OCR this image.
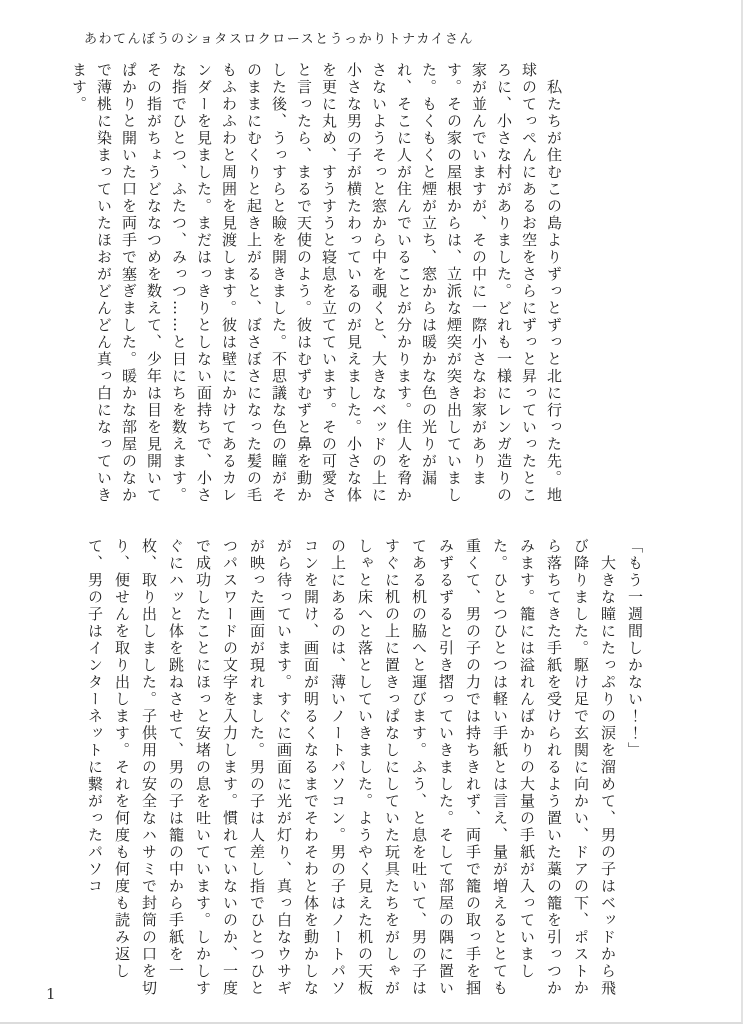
あわてんぼうのショタスロクロースとうっかりトナカイさん

　私たちが住むこの島よりずっとずっと北に行った先。地球のてっぺんにあるお空をさらにずっと昇っていったところに、小さな村がありました。どれも一様にレンガ造りの家が並んでいますが、その中に一際小さなお家があります。その家の屋根からは、立派な煙突が突き出していました。もくもくと煙が立ち、窓からは暖かな色の光りが漏れ、そこに人が住んでいることが分かります。住人を脅かさないようそっと窓から中を覗くと、大きなベッドの上に小さな男の子が横たわっているのが見えました。小さな体を更に丸め、すうすうと寝息を立てています。その可愛さと言ったら、まるで天使のよう。彼はむずむずと鼻を動かした後、うっすらと瞼を開きました。不思議な色の瞳がそのままにむくりと起き上がると、ぼさぼさになった髪の毛もふわふわと周囲を見渡します。彼は壁にかけてあるカレンダーを見ました。まだはっきりとしない面持ちで、小さな指でひとつ、ふたつ、みっつ……と日にちを数えます。その指がちょうどななつめを数えて、少年は目を見開いてぱかりと開いた口を両手で塞ぎました。暖かな部屋のなかで薄桃に染まっていたほおがどんどん真っ白になっていきます。

「もう一週間しかない！！」

　大きな瞳にたっぷりの涙を溜めて、男の子はベッドから飛び降りました。駆け足で玄関に向かい、ドアの下、ポストから落ちてきた手紙を受けられるよう置いた藁の籠を引っつかみます。籠には溢れんばかりの大量の手紙が入っていました。ひとつひとつは軽い手紙とは言え、量が増えるととても重くて、男の子の力では持ちきれず、両手で籠の取っ手を掴みずるずると引き摺っていきました。そして部屋の隅に置いてある机の脇へと運びます。ふう、と息を吐いて、男の子はすぐに机の上に置きっぱなしにしていた玩具たちをがしゃがしゃと床へと落としていきました。ようやく見えた机の天板の上にあるのは、薄いノートパソコン。男の子はノートパソコンを開け、画面が明るくなるまでそわそわと体を動かしながら待っています。すぐに画面に光が灯り、真っ白なウサギが映った画面が現れました。男の子は人差し指でひとつひとつパスワードの文字を入力します。慣れていないのか、一度で成功したことにほっと安堵の息を吐いています。しかしすぐにハッと体を跳ねさせて、男の子は籠の中から手紙を一枚、取り出しました。子供用の安全なハサミで封筒の口を切り、便せんを取り出します。それを何度も何度も読み返して、男の子はインターネットに繋がったパソコ

1
